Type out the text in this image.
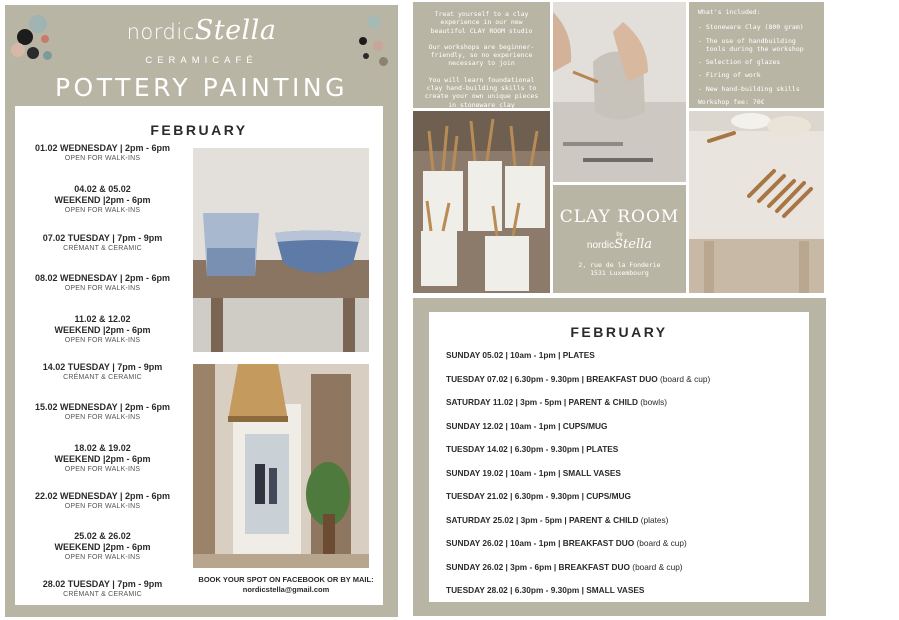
nordicStella
CERAMICAFÉ
POTTERY PAINTING
FEBRUARY
01.02 WEDNESDAY | 2pm - 6pm
OPEN FOR WALK-INS
04.02 & 05.02
WEEKEND |2pm - 6pm
OPEN FOR WALK-INS
07.02 TUESDAY | 7pm - 9pm
CRÉMANT & CERAMIC
08.02 WEDNESDAY | 2pm - 6pm
OPEN FOR WALK-INS
11.02 & 12.02
WEEKEND |2pm - 6pm
OPEN FOR WALK-INS
14.02 TUESDAY | 7pm - 9pm
CRÉMANT & CERAMIC
15.02 WEDNESDAY | 2pm - 6pm
OPEN FOR WALK-INS
18.02 & 19.02
WEEKEND |2pm - 6pm
OPEN FOR WALK-INS
22.02 WEDNESDAY | 2pm - 6pm
OPEN FOR WALK-INS
25.02 & 26.02
WEEKEND |2pm - 6pm
OPEN FOR WALK-INS
28.02 TUESDAY | 7pm - 9pm
CRÉMANT & CERAMIC
BOOK YOUR SPOT ON FACEBOOK OR BY MAIL:
nordicstella@gmail.com

Treat yourself to a clay experience in our new beautiful CLAY ROOM studio

Our workshops are beginner-friendly, so no experience necessary to join

You will learn foundational clay hand-building skills to create your own unique pieces in stoneware clay

What's included:
- Stoneware Clay (800 gram)
- The use of handbuilding
tools during the workshop
- Selection of glazes
- Firing of work
- New hand-building skills
Workshop fee: 70€
CLAY ROOM
by
nordicStella
2, rue de la Fonderie
1531 Luxembourg
FEBRUARY
SUNDAY 05.02 | 10am - 1pm | PLATES
TUESDAY 07.02 | 6.30pm - 9.30pm | BREAKFAST DUO (board & cup)
SATURDAY 11.02 | 3pm - 5pm | PARENT & CHILD (bowls)
SUNDAY 12.02 | 10am - 1pm | CUPS/MUG
TUESDAY 14.02 | 6.30pm - 9.30pm | PLATES
SUNDAY 19.02 | 10am - 1pm | SMALL VASES
TUESDAY 21.02 | 6.30pm - 9.30pm | CUPS/MUG
SATURDAY 25.02 | 3pm - 5pm | PARENT & CHILD (plates)
SUNDAY 26.02 | 10am - 1pm | BREAKFAST DUO (board & cup)
SUNDAY 26.02 | 3pm - 6pm | BREAKFAST DUO (board & cup)
TUESDAY 28.02 | 6.30pm - 9.30pm | SMALL VASES
